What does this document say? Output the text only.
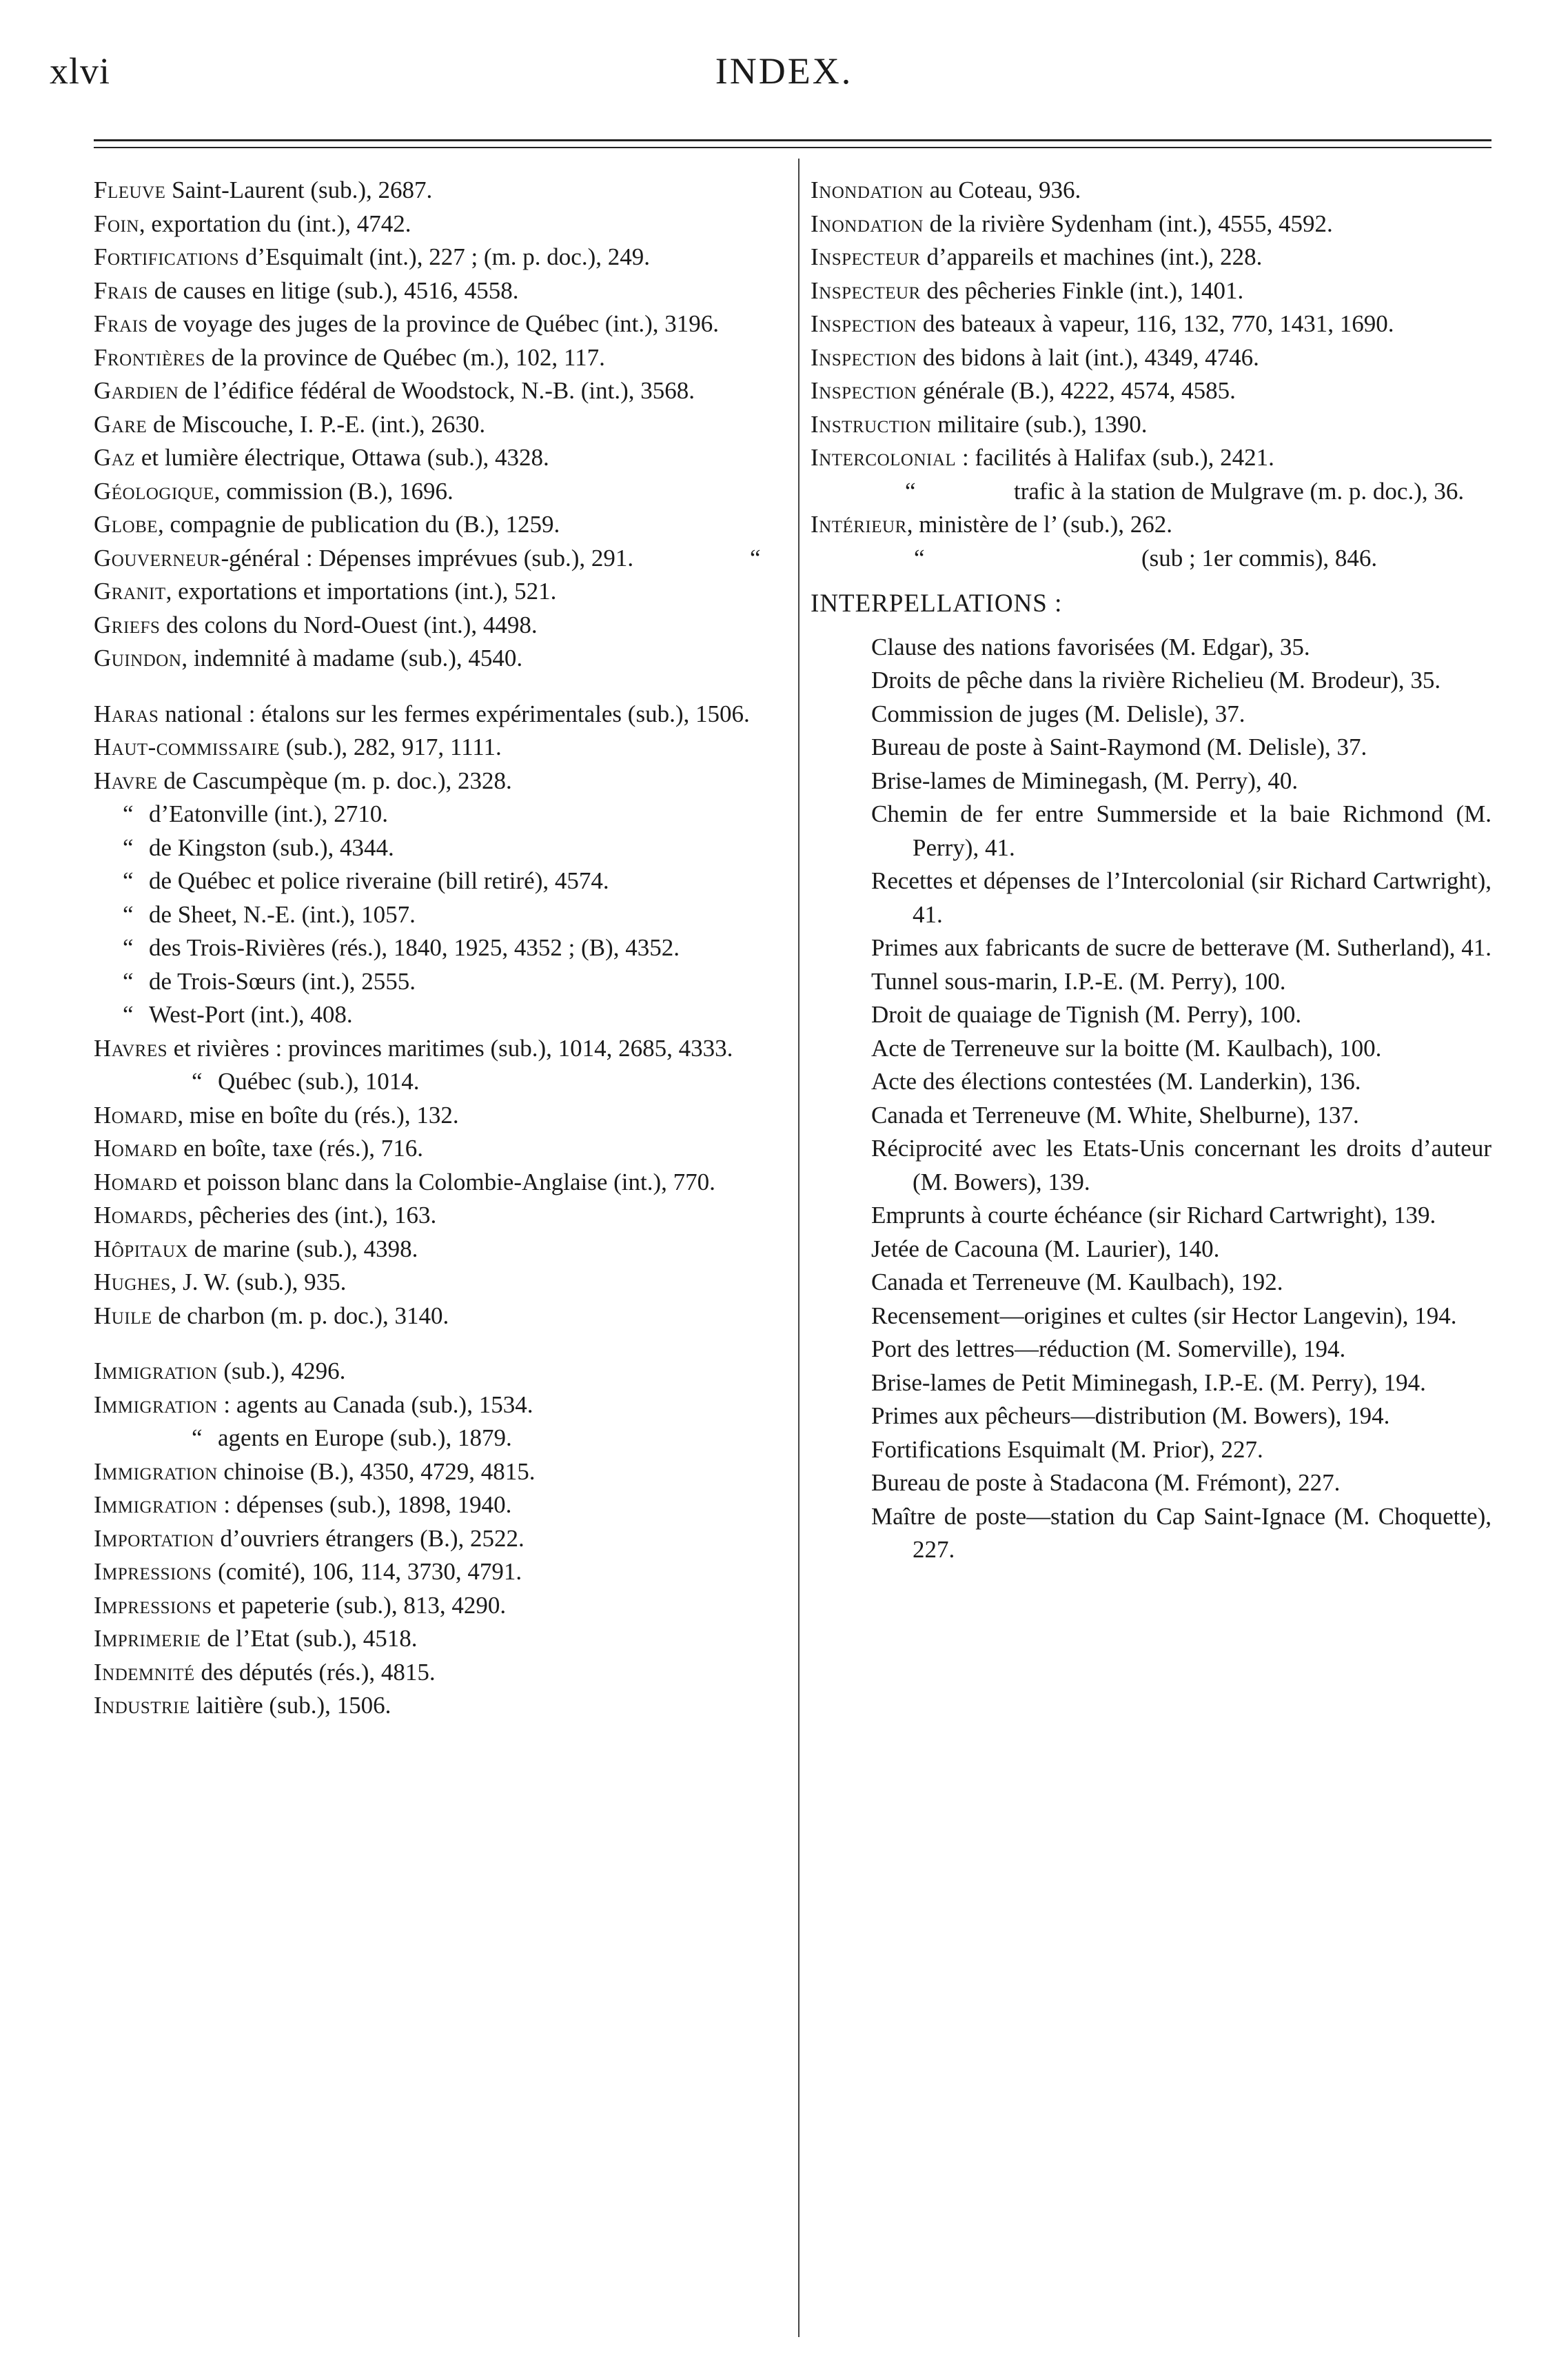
xlvi	INDEX.
Fleuve Saint-Laurent (sub.), 2687.
Foin, exportation du (int.), 4742.
Fortifications d’Esquimalt (int.), 227 ; (m. p. doc.), 249.
Frais de causes en litige (sub.), 4516, 4558.
Frais de voyage des juges de la province de Québec (int.), 3196.
Frontières de la province de Québec (m.), 102, 117.
Gardien de l’édifice fédéral de Woodstock, N.-B. (int.), 3568.
Gare de Miscouche, I. P.-E. (int.), 2630.
Gaz et lumière électrique, Ottawa (sub.), 4328.
Géologique, commission (B.), 1696.
Globe, compagnie de publication du (B.), 1259.
Gouverneur-général : Dépenses imprévues (sub.), 291.
Granit, exportations et importations (int.), 521.
Griefs des colons du Nord-Ouest (int.), 4498.
Guindon, indemnité à madame (sub.), 4540.
Haras national : étalons sur les fermes expérimentales (sub.), 1506.
Haut-commissaire (sub.), 282, 917, 1111.
Havre de Cascumpèque (m. p. doc.), 2328.
“ d’Eatonville (int.), 2710.
“ de Kingston (sub.), 4344.
“ de Québec et police riveraine (bill retiré), 4574.
“ de Sheet, N.-E. (int.), 1057.
“ des Trois-Rivières (rés.), 1840, 1925, 4352 ; (B), 4352.
“ de Trois-Sœurs (int.), 2555.
“ West-Port (int.), 408.
Havres et rivières : provinces maritimes (sub.), 1014, 2685, 4333.
“ Québec (sub.), 1014.
Homard, mise en boîte du (rés.), 132.
Homard en boîte, taxe (rés.), 716.
Homard et poisson blanc dans la Colombie-Anglaise (int.), 770.
Homards, pêcheries des (int.), 163.
Hôpitaux de marine (sub.), 4398.
Hughes, J. W. (sub.), 935.
Huile de charbon (m. p. doc.), 3140.
Immigration (sub.), 4296.
Immigration : agents au Canada (sub.), 1534.
“ agents en Europe (sub.), 1879.
Immigration chinoise (B.), 4350, 4729, 4815.
Immigration : dépenses (sub.), 1898, 1940.
Importation d’ouvriers étrangers (B.), 2522.
Impressions (comité), 106, 114, 3730, 4791.
Impressions et papeterie (sub.), 813, 4290.
Imprimerie de l’Etat (sub.), 4518.
Indemnité des députés (rés.), 4815.
Industrie laitière (sub.), 1506.
Inondation au Coteau, 936.
Inondation de la rivière Sydenham (int.), 4555, 4592.
Inspecteur d’appareils et machines (int.), 228.
Inspecteur des pêcheries Finkle (int.), 1401.
Inspection des bateaux à vapeur, 116, 132, 770, 1431, 1690.
Inspection des bidons à lait (int.), 4349, 4746.
Inspection générale (B.), 4222, 4574, 4585.
Instruction militaire (sub.), 1390.
Intercolonial : facilités à Halifax (sub.), 2421.
“	trafic à la station de Mulgrave (m. p. doc.), 36.
Intérieur, ministère de l’ (sub.), 262.
“	“	(sub ; 1er commis), 846.
INTERPELLATIONS :
Clause des nations favorisées (M. Edgar), 35.
Droits de pêche dans la rivière Richelieu (M. Brodeur), 35.
Commission de juges (M. Delisle), 37.
Bureau de poste à Saint-Raymond (M. Delisle), 37.
Brise-lames de Miminegash, (M. Perry), 40.
Chemin de fer entre Summerside et la baie Richmond (M. Perry), 41.
Recettes et dépenses de l’Intercolonial (sir Richard Cartwright), 41.
Primes aux fabricants de sucre de betterave (M. Sutherland), 41.
Tunnel sous-marin, I.P.-E. (M. Perry), 100.
Droit de quaiage de Tignish (M. Perry), 100.
Acte de Terreneuve sur la boitte (M. Kaulbach), 100.
Acte des élections contestées (M. Landerkin), 136.
Canada et Terreneuve (M. White, Shelburne), 137.
Réciprocité avec les Etats-Unis concernant les droits d’auteur (M. Bowers), 139.
Emprunts à courte échéance (sir Richard Cartwright), 139.
Jetée de Cacouna (M. Laurier), 140.
Canada et Terreneuve (M. Kaulbach), 192.
Recensement—origines et cultes (sir Hector Langevin), 194.
Port des lettres—réduction (M. Somerville), 194.
Brise-lames de Petit Miminegash, I.P.-E. (M. Perry), 194.
Primes aux pêcheurs—distribution (M. Bowers), 194.
Fortifications Esquimalt (M. Prior), 227.
Bureau de poste à Stadacona (M. Frémont), 227.
Maître de poste—station du Cap Saint-Ignace (M. Choquette), 227.
